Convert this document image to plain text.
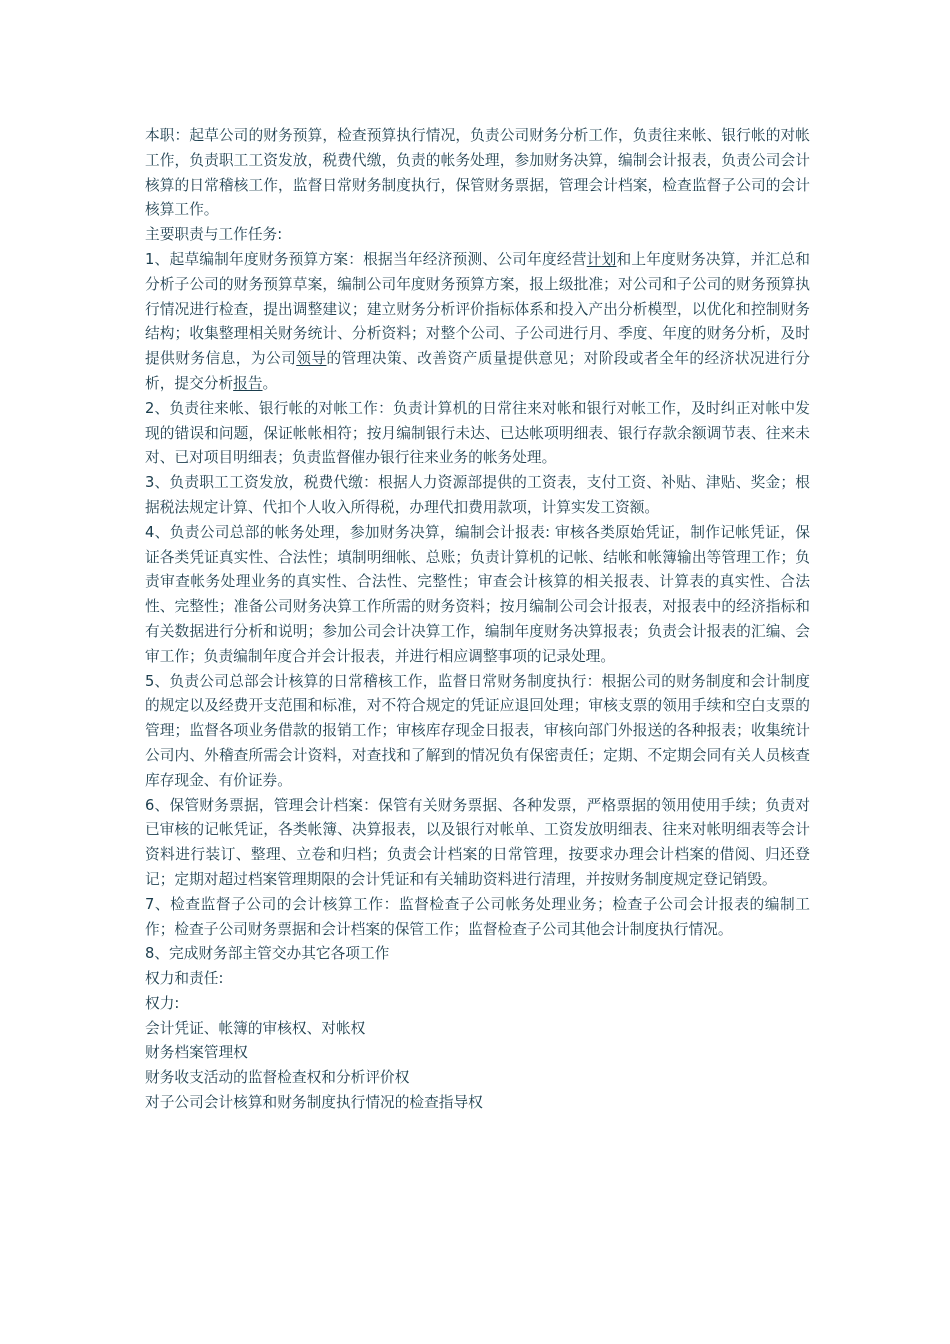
本职：起草公司的财务预算，检查预算执行情况，负责公司财务分析工作，负责往来帐、银行帐的对帐工作，负责职工工资发放，税费代缴，负责的帐务处理，参加财务决算，编制会计报表，负责公司会计核算的日常稽核工作，监督日常财务制度执行，保管财务票据，管理会计档案，检查监督子公司的会计核算工作。

主要职责与工作任务:

1、起草编制年度财务预算方案：根据当年经济预测、公司年度经营计划和上年度财务决算，并汇总和分析子公司的财务预算草案，编制公司年度财务预算方案，报上级批准；对公司和子公司的财务预算执行情况进行检查，提出调整建议；建立财务分析评价指标体系和投入产出分析模型，以优化和控制财务结构；收集整理相关财务统计、分析资料；对整个公司、子公司进行月、季度、年度的财务分析，及时提供财务信息，为公司领导的管理决策、改善资产质量提供意见；对阶段或者全年的经济状况进行分析，提交分析报告。

2、负责往来帐、银行帐的对帐工作：负责计算机的日常往来对帐和银行对帐工作，及时纠正对帐中发现的错误和问题，保证帐帐相符；按月编制银行未达、已达帐项明细表、银行存款余额调节表、往来未对、已对项目明细表；负责监督催办银行往来业务的帐务处理。

3、负责职工工资发放，税费代缴：根据人力资源部提供的工资表，支付工资、补贴、津贴、奖金；根据税法规定计算、代扣个人收入所得税，办理代扣费用款项，计算实发工资额。

4、负责公司总部的帐务处理，参加财务决算，编制会计报表: 审核各类原始凭证，制作记帐凭证，保证各类凭证真实性、合法性；填制明细帐、总账；负责计算机的记帐、结帐和帐簿输出等管理工作；负责审查帐务处理业务的真实性、合法性、完整性；审查会计核算的相关报表、计算表的真实性、合法性、完整性；准备公司财务决算工作所需的财务资料；按月编制公司会计报表，对报表中的经济指标和有关数据进行分析和说明；参加公司会计决算工作，编制年度财务决算报表；负责会计报表的汇编、会审工作；负责编制年度合并会计报表，并进行相应调整事项的记录处理。

5、负责公司总部会计核算的日常稽核工作，监督日常财务制度执行：根据公司的财务制度和会计制度的规定以及经费开支范围和标准，对不符合规定的凭证应退回处理；审核支票的领用手续和空白支票的管理；监督各项业务借款的报销工作；审核库存现金日报表，审核向部门外报送的各种报表；收集统计公司内、外稽查所需会计资料，对查找和了解到的情况负有保密责任；定期、不定期会同有关人员核查库存现金、有价证券。

6、保管财务票据，管理会计档案：保管有关财务票据、各种发票，严格票据的领用使用手续；负责对已审核的记帐凭证，各类帐簿、决算报表，以及银行对帐单、工资发放明细表、往来对帐明细表等会计资料进行装订、整理、立卷和归档；负责会计档案的日常管理，按要求办理会计档案的借阅、归还登记；定期对超过档案管理期限的会计凭证和有关辅助资料进行清理，并按财务制度规定登记销毁。

7、检查监督子公司的会计核算工作：监督检查子公司帐务处理业务；检查子公司会计报表的编制工作；检查子公司财务票据和会计档案的保管工作；监督检查子公司其他会计制度执行情况。

8、完成财务部主管交办其它各项工作

权力和责任:

权力:

会计凭证、帐簿的审核权、对帐权

财务档案管理权

财务收支活动的监督检查权和分析评价权

对子公司会计核算和财务制度执行情况的检查指导权
